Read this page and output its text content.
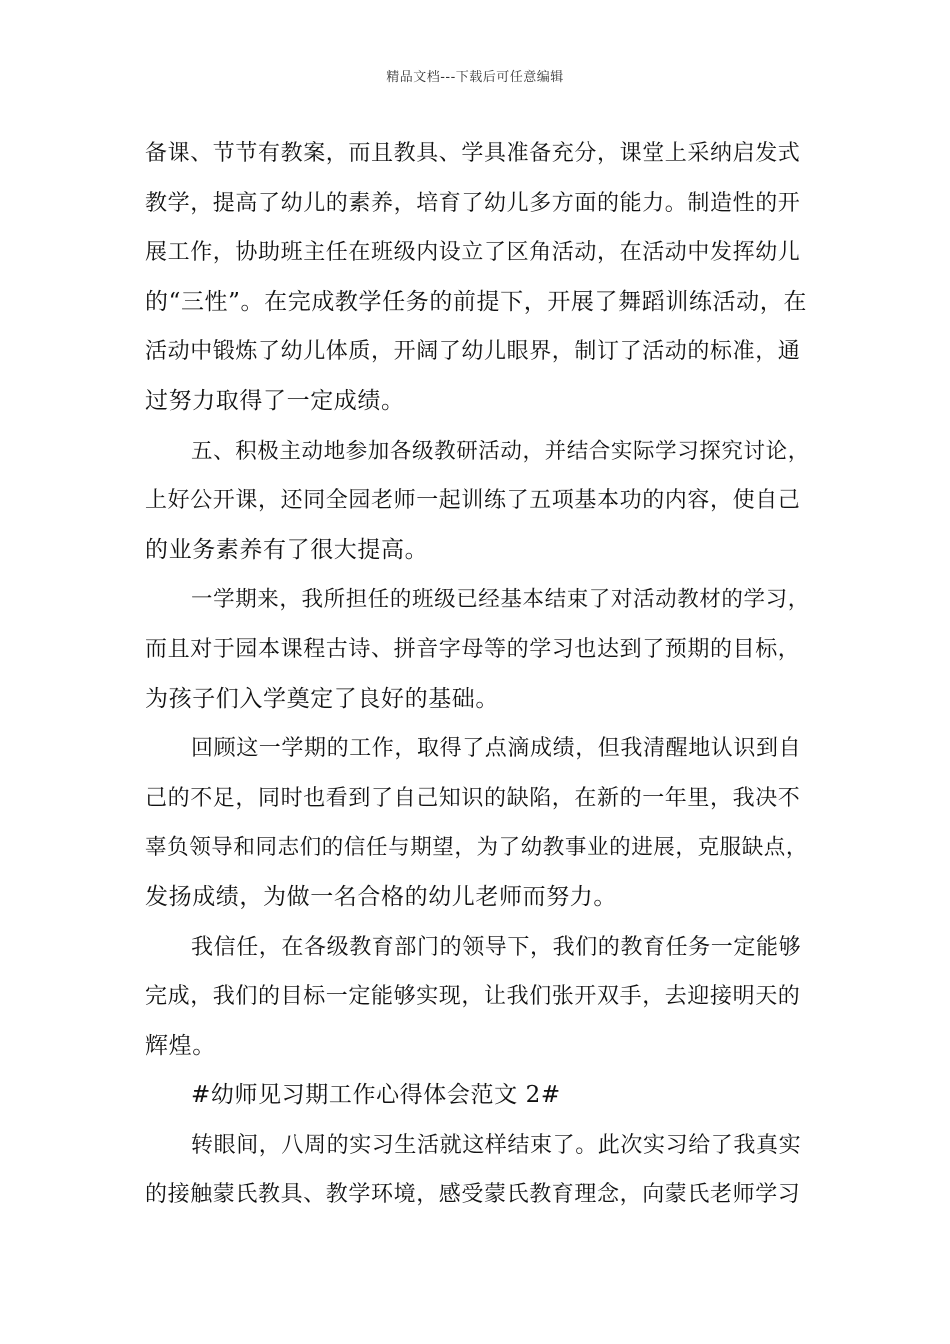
精品文档---下载后可任意编辑
备课、节节有教案，而且教具、学具准备充分，课堂上采纳启发式
教学，提高了幼儿的素养，培育了幼儿多方面的能力。制造性的开
展工作，协助班主任在班级内设立了区角活动，在活动中发挥幼儿
的“三性”。在完成教学任务的前提下，开展了舞蹈训练活动，在
活动中锻炼了幼儿体质，开阔了幼儿眼界，制订了活动的标准，通
过努力取得了一定成绩。
五、积极主动地参加各级教研活动，并结合实际学习探究讨论，
上好公开课，还同全园老师一起训练了五项基本功的内容，使自己
的业务素养有了很大提高。
一学期来，我所担任的班级已经基本结束了对活动教材的学习，
而且对于园本课程古诗、拼音字母等的学习也达到了预期的目标，
为孩子们入学奠定了良好的基础。
回顾这一学期的工作，取得了点滴成绩，但我清醒地认识到自
己的不足，同时也看到了自己知识的缺陷，在新的一年里，我决不
辜负领导和同志们的信任与期望，为了幼教事业的进展，克服缺点，
发扬成绩，为做一名合格的幼儿老师而努力。
我信任，在各级教育部门的领导下，我们的教育任务一定能够
完成，我们的目标一定能够实现，让我们张开双手，去迎接明天的
辉煌。
#幼师见习期工作心得体会范文 2#
转眼间，八周的实习生活就这样结束了。此次实习给了我真实
的接触蒙氏教具、教学环境，感受蒙氏教育理念，向蒙氏老师学习
